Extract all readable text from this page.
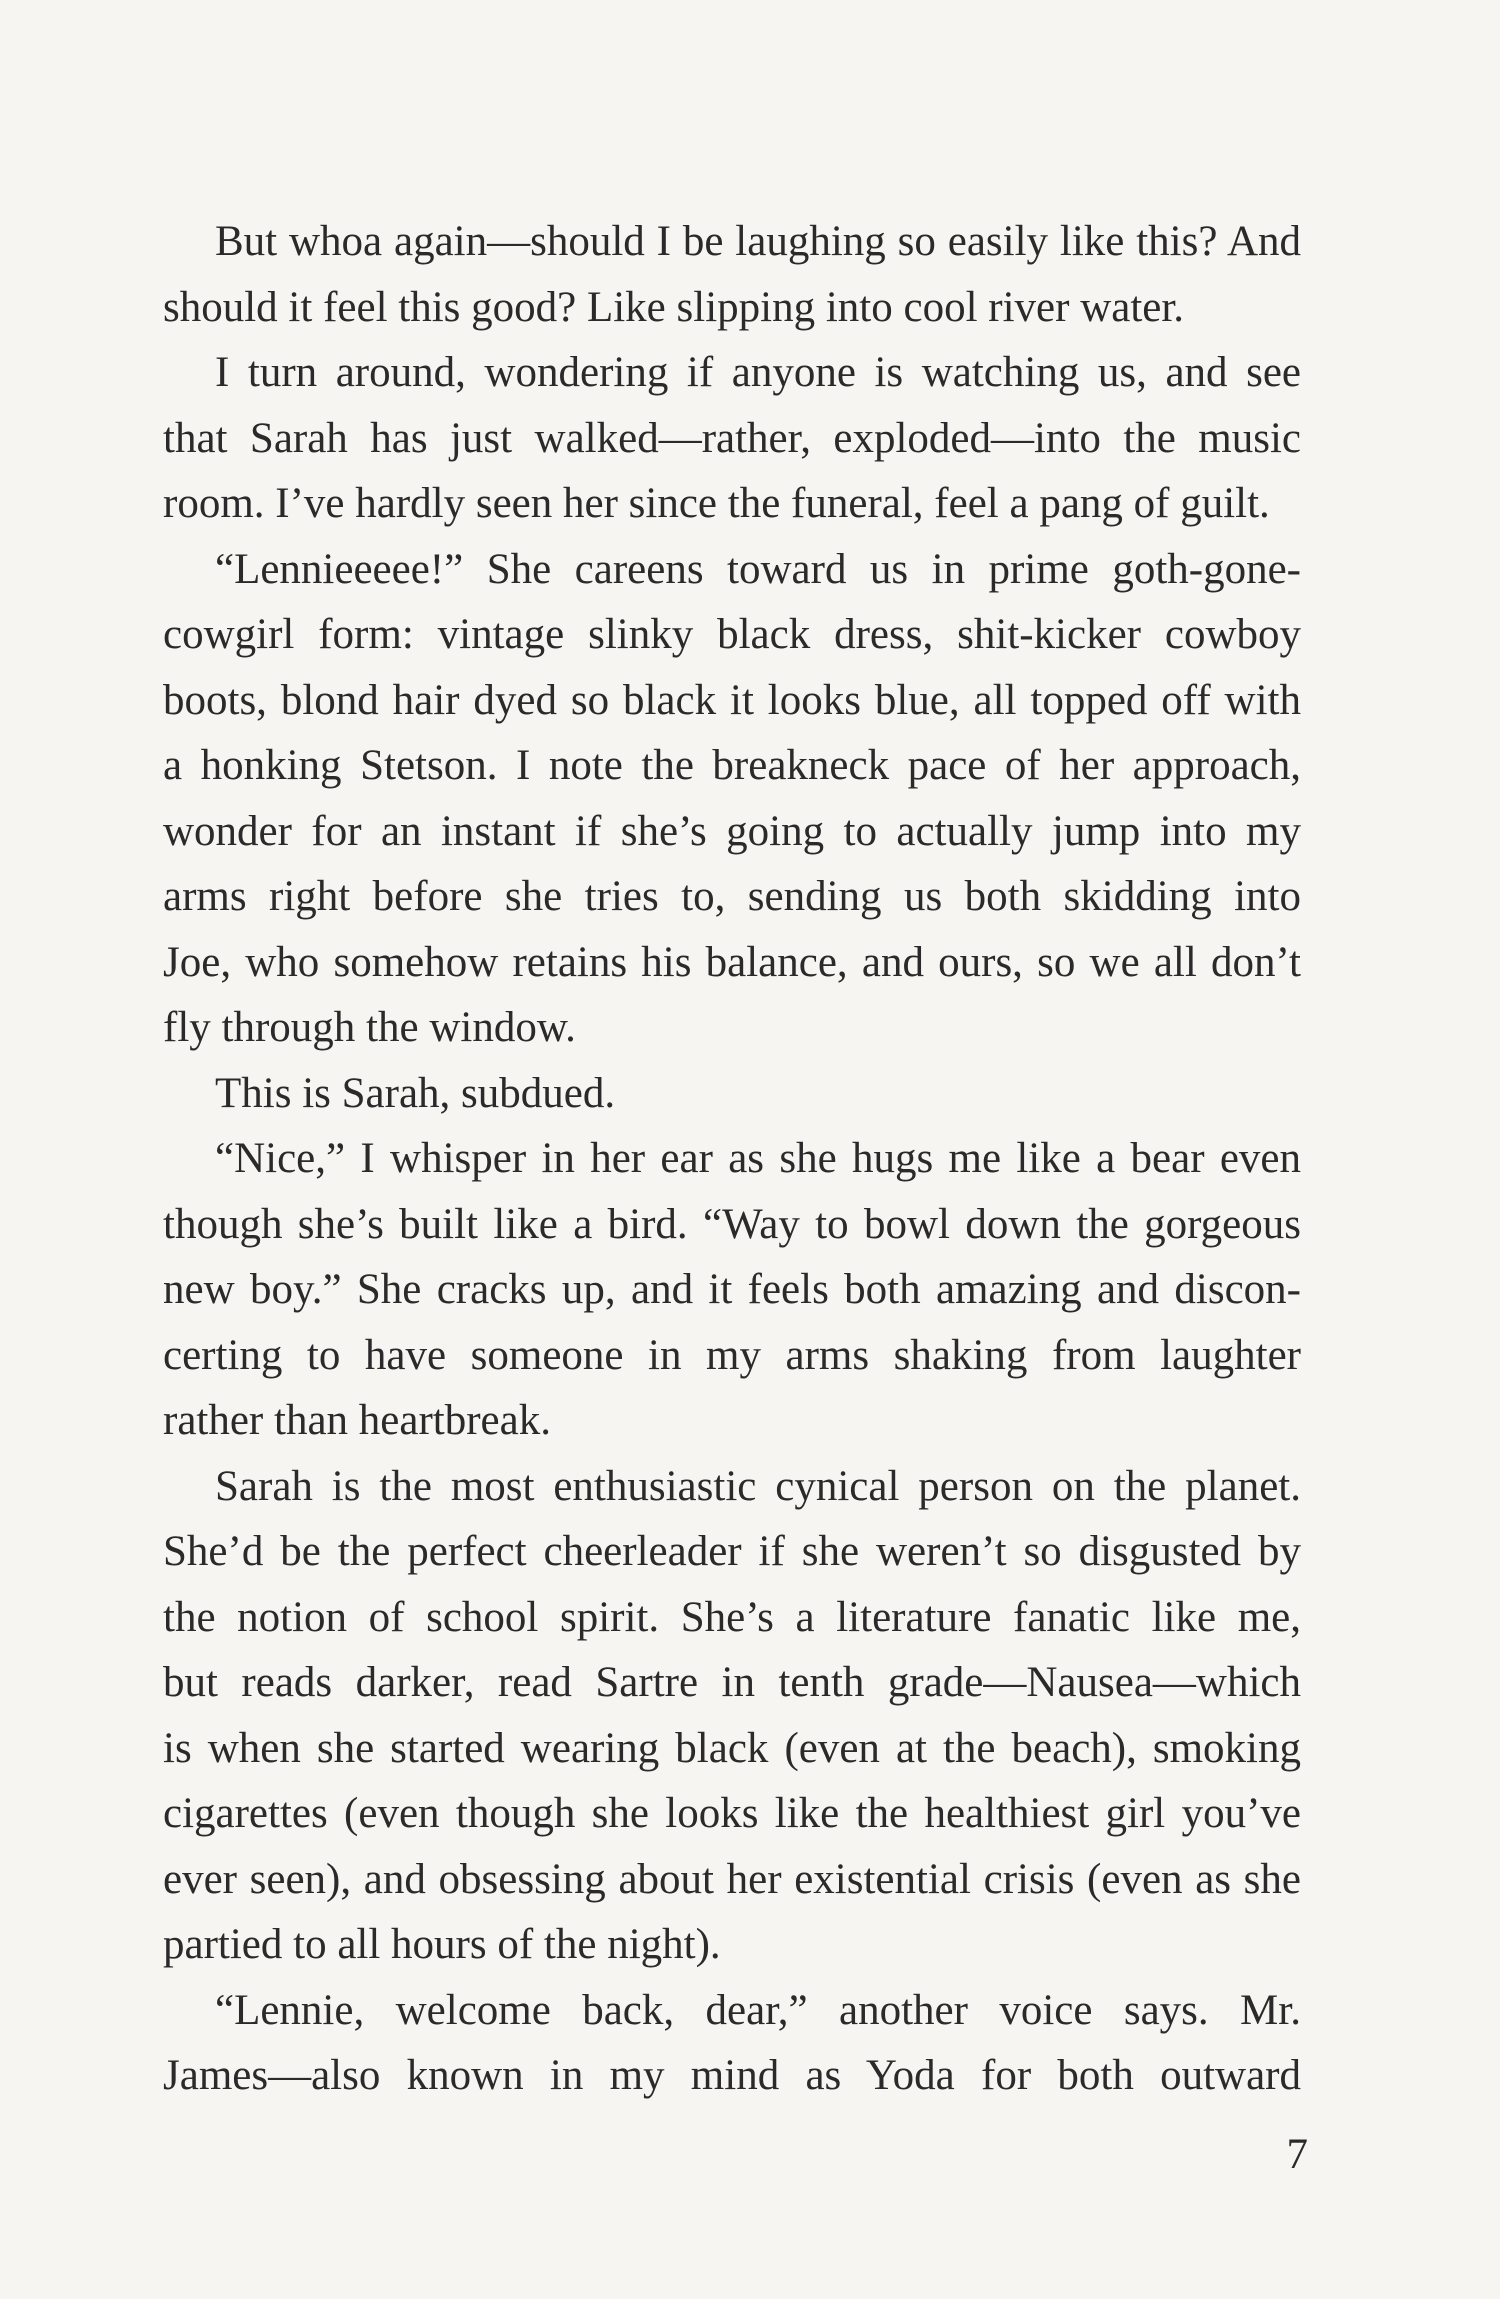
But whoa again—should I be laughing so easily like this? And
should it feel this good? Like slipping into cool river water.
I turn around, wondering if anyone is watching us, and see
that Sarah has just walked—rather, exploded—into the music
room. I’ve hardly seen her since the funeral, feel a pang of guilt.
“Lennieeeee!” She careens toward us in prime goth-gone-
cowgirl form: vintage slinky black dress, shit-kicker cowboy
boots, blond hair dyed so black it looks blue, all topped off with
a honking Stetson. I note the breakneck pace of her approach,
wonder for an instant if she’s going to actually jump into my
arms right before she tries to, sending us both skidding into
Joe, who somehow retains his balance, and ours, so we all don’t
fly through the window.
This is Sarah, subdued.
“Nice,” I whisper in her ear as she hugs me like a bear even
though she’s built like a bird. “Way to bowl down the gorgeous
new boy.” She cracks up, and it feels both amazing and discon-
certing to have someone in my arms shaking from laughter
rather than heartbreak.
Sarah is the most enthusiastic cynical person on the planet.
She’d be the perfect cheerleader if she weren’t so disgusted by
the notion of school spirit. She’s a literature fanatic like me,
but reads darker, read Sartre in tenth grade—Nausea—which
is when she started wearing black (even at the beach), smoking
cigarettes (even though she looks like the healthiest girl you’ve
ever seen), and obsessing about her existential crisis (even as she
partied to all hours of the night).
“Lennie, welcome back, dear,” another voice says. Mr.
James—also known in my mind as Yoda for both outward
7
